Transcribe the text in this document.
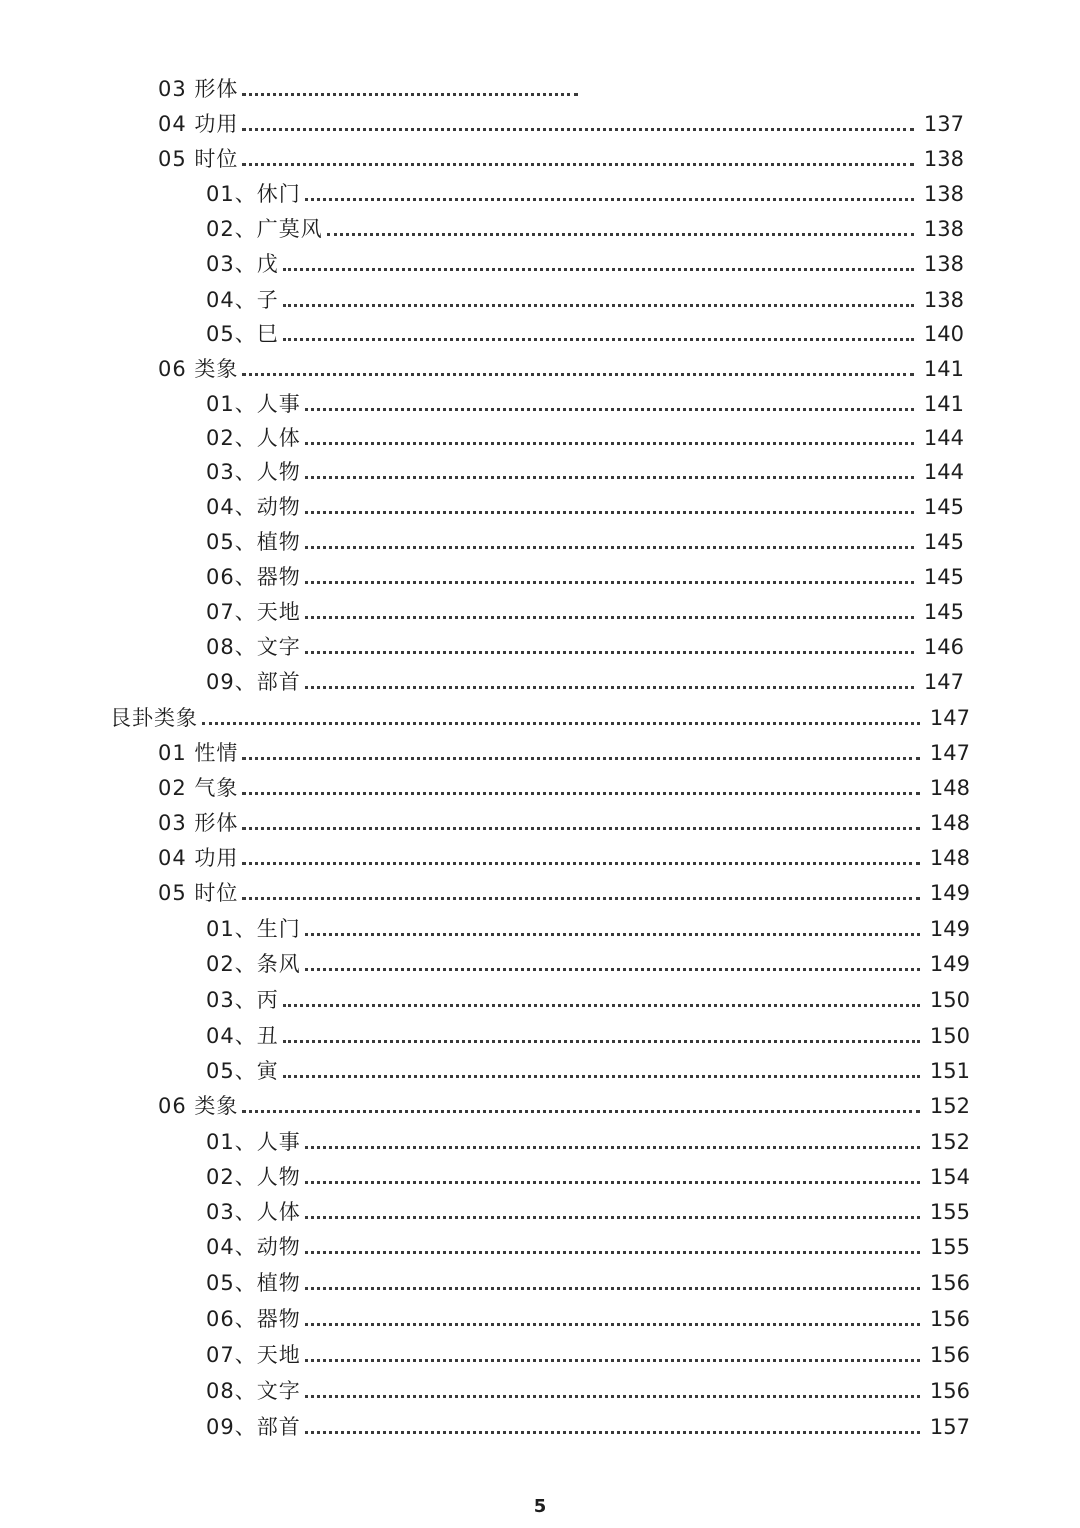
03 形体
04 功用	137
05 时位	138
01、休门	138
02、广莫风	138
03、戊	138
04、子	138
05、巳	140
06 类象	141
01、人事	141
02、人体	144
03、人物	144
04、动物	145
05、植物	145
06、器物	145
07、天地	145
08、文字	146
09、部首	147
艮卦类象	147
01 性情	147
02 气象	148
03 形体	148
04 功用	148
05 时位	149
01、生门	149
02、条风	149
03、丙	150
04、丑	150
05、寅	151
06 类象	152
01、人事	152
02、人物	154
03、人体	155
04、动物	155
05、植物	156
06、器物	156
07、天地	156
08、文字	156
09、部首	157
5
